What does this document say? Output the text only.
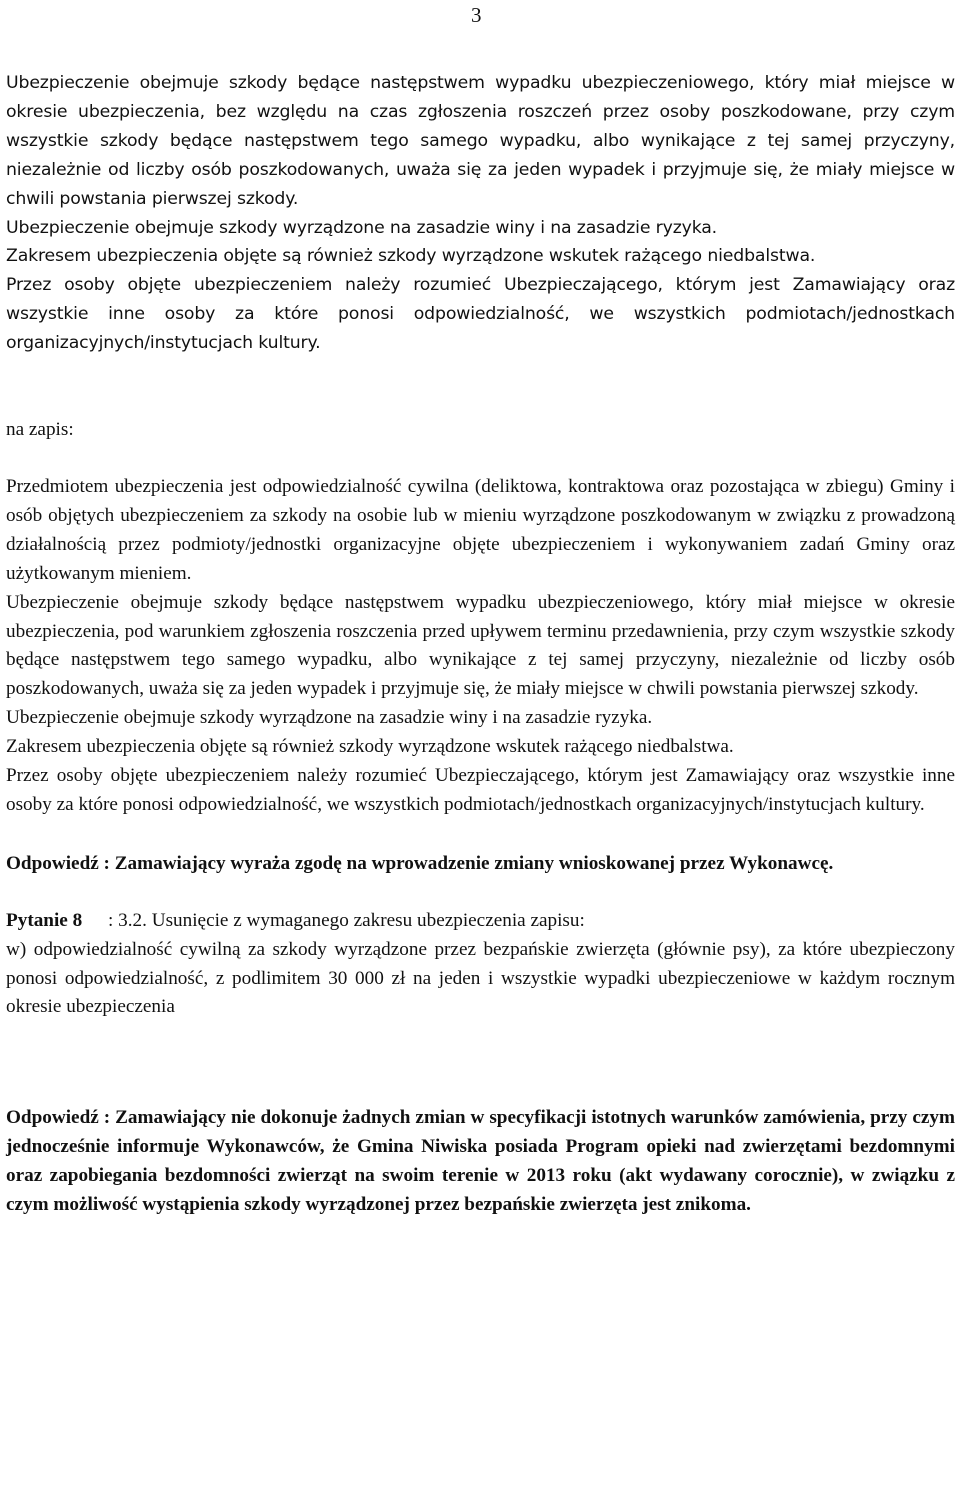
3

Ubezpieczenie obejmuje szkody będące następstwem wypadku ubezpieczeniowego, który miał miejsce w okresie ubezpieczenia, bez względu na czas zgłoszenia roszczeń przez osoby poszkodowane, przy czym wszystkie szkody będące następstwem tego samego wypadku, albo wynikające z tej samej przyczyny, niezależnie od liczby osób poszkodowanych, uważa się za jeden wypadek i przyjmuje się, że miały miejsce w chwili powstania pierwszej szkody.

Ubezpieczenie obejmuje szkody wyrządzone na zasadzie winy i na zasadzie ryzyka.

Zakresem ubezpieczenia objęte są również szkody wyrządzone wskutek rażącego niedbalstwa.

Przez osoby objęte ubezpieczeniem należy rozumieć Ubezpieczającego, którym jest Zamawiający oraz wszystkie inne osoby za które ponosi odpowiedzialność, we wszystkich podmiotach/jednostkach organizacyjnych/instytucjach kultury.

na zapis:

Przedmiotem ubezpieczenia jest odpowiedzialność cywilna (deliktowa, kontraktowa oraz pozostająca w zbiegu) Gminy i osób objętych ubezpieczeniem za szkody na osobie lub w mieniu wyrządzone poszkodowanym w związku z prowadzoną działalnością przez podmioty/jednostki organizacyjne objęte ubezpieczeniem i wykonywaniem zadań Gminy oraz użytkowanym mieniem.

Ubezpieczenie obejmuje szkody będące następstwem wypadku ubezpieczeniowego, który miał miejsce w okresie ubezpieczenia, pod warunkiem zgłoszenia roszczenia przed upływem terminu przedawnienia, przy czym wszystkie szkody będące następstwem tego samego wypadku, albo wynikające z tej samej przyczyny, niezależnie od liczby osób poszkodowanych, uważa się za jeden wypadek i przyjmuje się, że miały miejsce w chwili powstania pierwszej szkody.

Ubezpieczenie obejmuje szkody wyrządzone na zasadzie winy i na zasadzie ryzyka.

Zakresem ubezpieczenia objęte są również szkody wyrządzone wskutek rażącego niedbalstwa.

Przez osoby objęte ubezpieczeniem należy rozumieć Ubezpieczającego, którym jest Zamawiający oraz wszystkie inne osoby za które ponosi odpowiedzialność, we wszystkich podmiotach/jednostkach organizacyjnych/instytucjach kultury.

Odpowiedź : Zamawiający wyraża zgodę na wprowadzenie zmiany wnioskowanej przez Wykonawcę.

Pytanie 8 : 3.2. Usunięcie z wymaganego zakresu ubezpieczenia zapisu:

w) odpowiedzialność cywilną za szkody wyrządzone przez bezpańskie zwierzęta (głównie psy), za które ubezpieczony ponosi odpowiedzialność, z podlimitem 30 000 zł na jeden i wszystkie wypadki ubezpieczeniowe w każdym rocznym okresie ubezpieczenia

Odpowiedź : Zamawiający nie dokonuje żadnych zmian w specyfikacji istotnych warunków zamówienia, przy czym jednocześnie informuje Wykonawców, że Gmina Niwiska posiada Program opieki nad zwierzętami bezdomnymi oraz zapobiegania bezdomności zwierząt na swoim terenie w 2013 roku (akt wydawany corocznie), w związku z czym możliwość wystąpienia szkody wyrządzonej przez bezpańskie zwierzęta jest znikoma.
